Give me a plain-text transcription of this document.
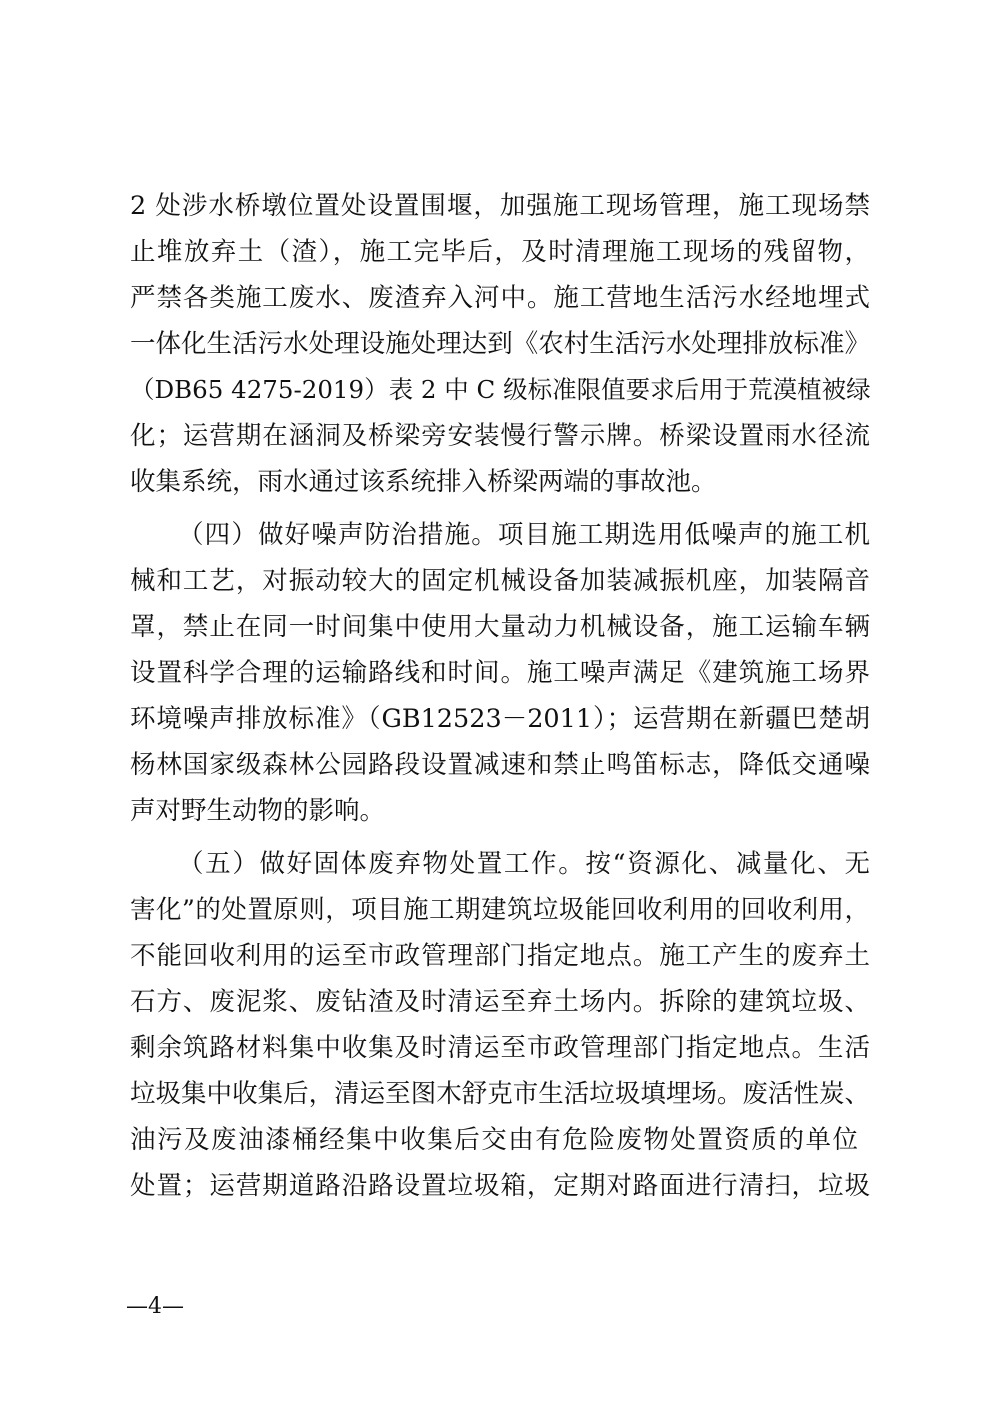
2 处涉水桥墩位置处设置围堰，加强施工现场管理，施工现场禁
止堆放弃土（渣），施工完毕后，及时清理施工现场的残留物，
严禁各类施工废水、废渣弃入河中。施工营地生活污水经地埋式
一体化生活污水处理设施处理达到《农村生活污水处理排放标准》
（DB65 4275-2019）表 2 中 C 级标准限值要求后用于荒漠植被绿
化；运营期在涵洞及桥梁旁安装慢行警示牌。桥梁设置雨水径流
收集系统，雨水通过该系统排入桥梁两端的事故池。
（四）做好噪声防治措施。项目施工期选用低噪声的施工机
械和工艺，对振动较大的固定机械设备加装减振机座，加装隔音
罩，禁止在同一时间集中使用大量动力机械设备，施工运输车辆
设置科学合理的运输路线和时间。施工噪声满足《建筑施工场界
环境噪声排放标准》（GB12523－2011）；运营期在新疆巴楚胡
杨林国家级森林公园路段设置减速和禁止鸣笛标志，降低交通噪
声对野生动物的影响。
（五）做好固体废弃物处置工作。按“资源化、减量化、无
害化”的处置原则，项目施工期建筑垃圾能回收利用的回收利用，
不能回收利用的运至市政管理部门指定地点。施工产生的废弃土
石方、废泥浆、废钻渣及时清运至弃土场内。拆除的建筑垃圾、
剩余筑路材料集中收集及时清运至市政管理部门指定地点。生活
垃圾集中收集后，清运至图木舒克市生活垃圾填埋场。废活性炭、
油污及废油漆桶经集中收集后交由有危险废物处置资质的单位
处置；运营期道路沿路设置垃圾箱，定期对路面进行清扫，垃圾
—4—
